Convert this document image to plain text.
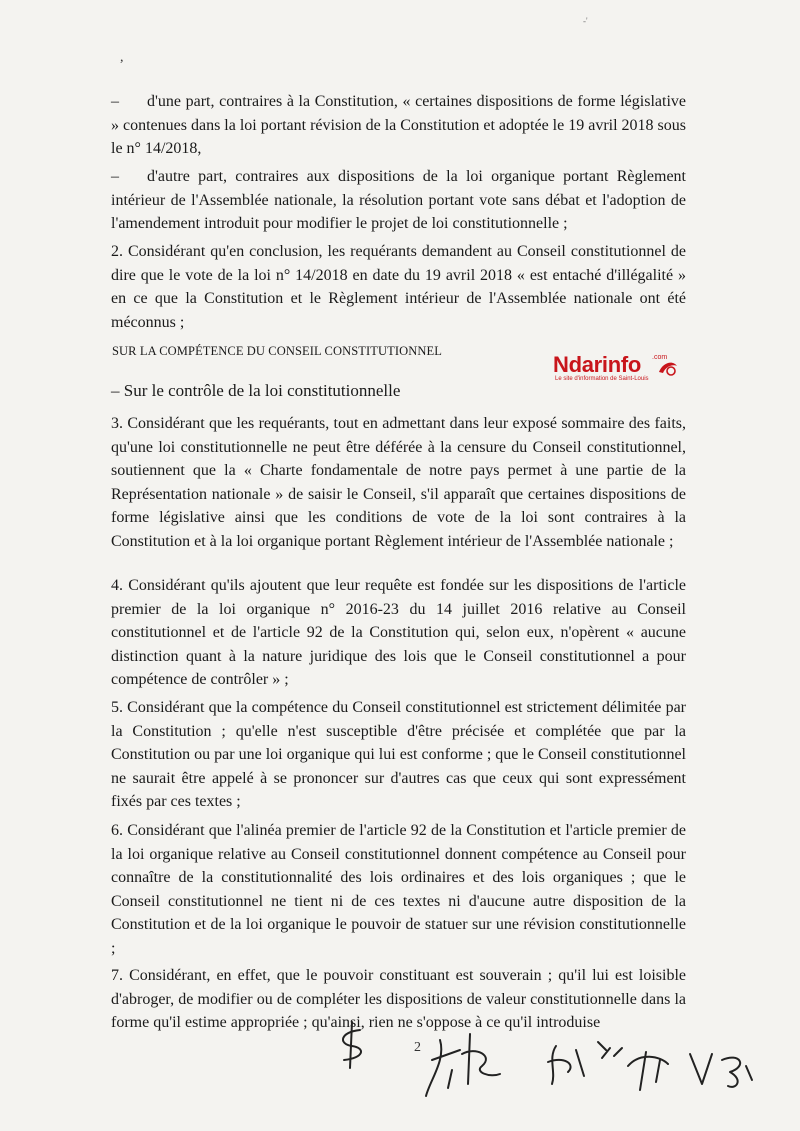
,
-'
– d'une part, contraires à la Constitution, « certaines dispositions de forme législative » contenues dans la loi portant révision de la Constitution et adoptée le 19 avril 2018 sous le n° 14/2018,
– d'autre part, contraires aux dispositions de la loi organique portant Règlement intérieur de l'Assemblée nationale, la résolution portant vote sans débat et l'adoption de l'amendement introduit pour modifier le projet de loi constitutionnelle ;
2. Considérant qu'en conclusion, les requérants demandent au Conseil constitutionnel de dire que le vote de la loi n° 14/2018 en date du 19 avril 2018 « est entaché d'illégalité » en ce que la Constitution et le Règlement intérieur de l'Assemblée nationale ont été méconnus ;
SUR LA COMPÉTENCE DU CONSEIL CONSTITUTIONNEL
Ndarinfo .com
Le site d'information de Saint-Louis
– Sur le contrôle de la loi constitutionnelle
3. Considérant que les requérants, tout en admettant dans leur exposé sommaire des faits, qu'une loi constitutionnelle ne peut être déférée à la censure du Conseil constitutionnel, soutiennent que la « Charte fondamentale de notre pays permet à une partie de la Représentation nationale » de saisir le Conseil, s'il apparaît que certaines dispositions de forme législative ainsi que les conditions de vote de la loi sont contraires à la Constitution et à la loi organique portant Règlement intérieur de l'Assemblée nationale ;
4. Considérant qu'ils ajoutent que leur requête est fondée sur les dispositions de l'article premier de la loi organique n° 2016-23 du 14 juillet 2016 relative au Conseil constitutionnel et de l'article 92 de la Constitution qui, selon eux, n'opèrent « aucune distinction quant à la nature juridique des lois que le Conseil constitutionnel a pour compétence de contrôler » ;
5. Considérant que la compétence du Conseil constitutionnel est strictement délimitée par la Constitution ; qu'elle n'est susceptible d'être précisée et complétée que par la Constitution ou par une loi organique qui lui est conforme ; que le Conseil constitutionnel ne saurait être appelé à se prononcer sur d'autres cas que ceux qui sont expressément fixés par ces textes ;
6. Considérant que l'alinéa premier de l'article 92 de la Constitution et l'article premier de la loi organique relative au Conseil constitutionnel donnent compétence au Conseil pour connaître de la constitutionnalité des lois ordinaires et des lois organiques ; que le Conseil constitutionnel ne tient ni de ces textes ni d'aucune autre disposition de la Constitution et de la loi organique le pouvoir de statuer sur une révision constitutionnelle ;
7. Considérant, en effet, que le pouvoir constituant est souverain ; qu'il lui est loisible d'abroger, de modifier ou de compléter les dispositions de valeur constitutionnelle dans la forme qu'il estime appropriée ; qu'ainsi, rien ne s'oppose à ce qu'il introduise
2
